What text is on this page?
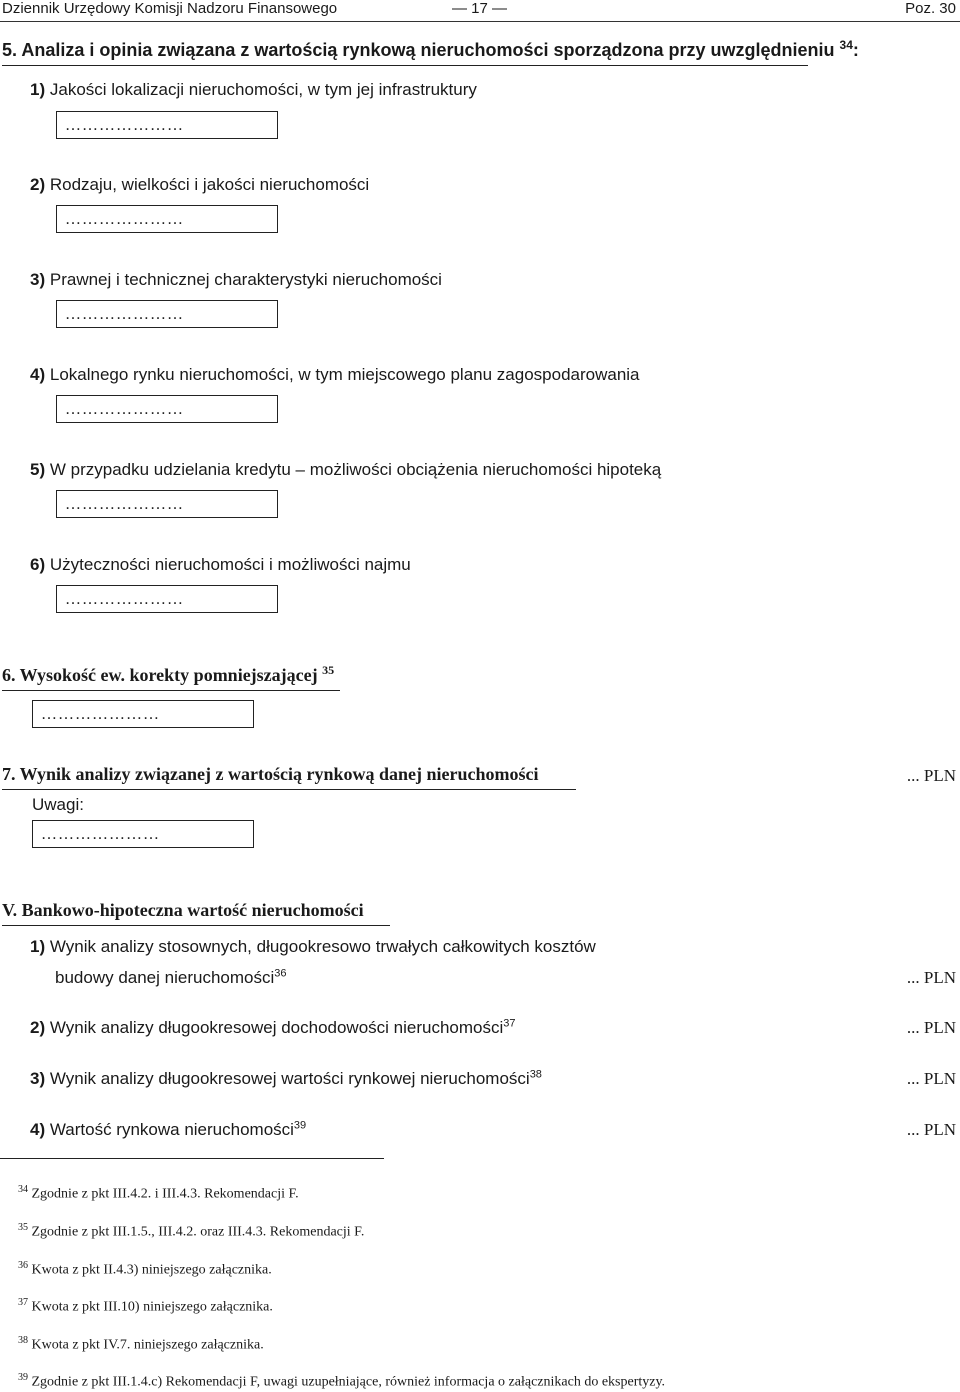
Dziennik Urzędowy Komisji Nadzoru Finansowego	— 17 —	Poz. 30
5. Analiza i opinia związana z wartością rynkową nieruchomości sporządzona przy uwzględnieniu $^{34}$:
1) Jakości lokalizacji nieruchomości, w tym jej infrastruktury
…………………
2) Rodzaju, wielkości i jakości nieruchomości
…………………
3) Prawnej i technicznej charakterystyki nieruchomości
…………………
4) Lokalnego rynku nieruchomości, w tym miejscowego planu zagospodarowania
…………………
5) W przypadku udzielania kredytu – możliwości obciążenia nieruchomości hipoteką
…………………
6) Użyteczności nieruchomości i możliwości najmu
…………………
6. Wysokość ew. korekty pomniejszającej $^{35}$
…………………
7. Wynik analizy związanej z wartością rynkową danej nieruchomości	... PLN
Uwagi:
…………………
V. Bankowo-hipoteczna wartość nieruchomości
1) Wynik analizy stosownych, długookresowo trwałych całkowitych kosztów
budowy danej nieruchomości$^{36}$	... PLN
2) Wynik analizy długookresowej dochodowości nieruchomości$^{37}$	... PLN
3) Wynik analizy długookresowej wartości rynkowej nieruchomości$^{38}$	... PLN
4) Wartość rynkowa nieruchomości$^{39}$	... PLN
$^{34}$ Zgodnie z pkt III.4.2. i III.4.3. Rekomendacji F.
$^{35}$ Zgodnie z pkt III.1.5., III.4.2. oraz III.4.3. Rekomendacji F.
$^{36}$ Kwota z pkt II.4.3) niniejszego załącznika.
$^{37}$ Kwota z pkt III.10) niniejszego załącznika.
$^{38}$ Kwota z pkt IV.7. niniejszego załącznika.
$^{39}$ Zgodnie z pkt III.1.4.c) Rekomendacji F, uwagi uzupełniające, również informacja o załącznikach do ekspertyzy.
